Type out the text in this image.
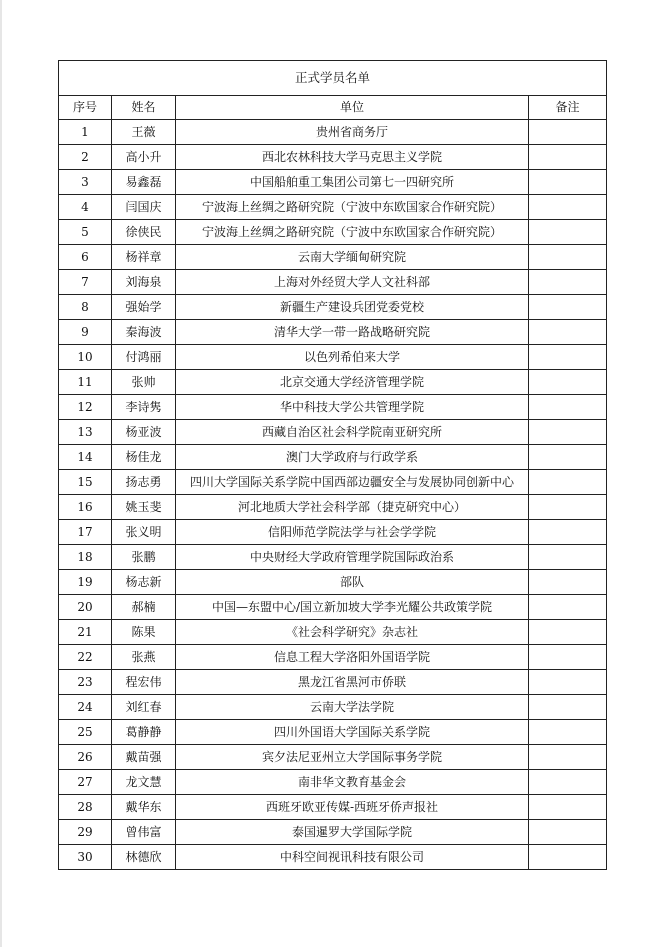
正式学员名单			
序号	姓名	单位	备注
1	王薇	贵州省商务厅	
2	高小升	西北农林科技大学马克思主义学院	
3	易鑫磊	中国船舶重工集团公司第七一四研究所	
4	闫国庆	宁波海上丝绸之路研究院（宁波中东欧国家合作研究院）	
5	徐侠民	宁波海上丝绸之路研究院（宁波中东欧国家合作研究院）	
6	杨祥章	云南大学缅甸研究院	
7	刘海泉	上海对外经贸大学人文社科部	
8	强始学	新疆生产建设兵团党委党校	
9	秦海波	清华大学一带一路战略研究院	
10	付鸿丽	以色列希伯来大学	
11	张帅	北京交通大学经济管理学院	
12	李诗隽	华中科技大学公共管理学院	
13	杨亚波	西藏自治区社会科学院南亚研究所	
14	杨佳龙	澳门大学政府与行政学系	
15	扬志勇	四川大学国际关系学院中国西部边疆安全与发展协同创新中心	
16	姚玉斐	河北地质大学社会科学部（捷克研究中心）	
17	张义明	信阳师范学院法学与社会学学院	
18	张鹏	中央财经大学政府管理学院国际政治系	
19	杨志新	部队	
20	郝楠	中国—东盟中心/国立新加坡大学李光耀公共政策学院	
21	陈果	《社会科学研究》杂志社	
22	张燕	信息工程大学洛阳外国语学院	
23	程宏伟	黑龙江省黑河市侨联	
24	刘红春	云南大学法学院	
25	葛静静	四川外国语大学国际关系学院	
26	戴苗强	宾夕法尼亚州立大学国际事务学院	
27	龙文慧	南非华文教育基金会	
28	戴华东	西班牙欧亚传媒-西班牙侨声报社	
29	曾伟富	泰国暹罗大学国际学院	
30	林德欣	中科空间视讯科技有限公司	
